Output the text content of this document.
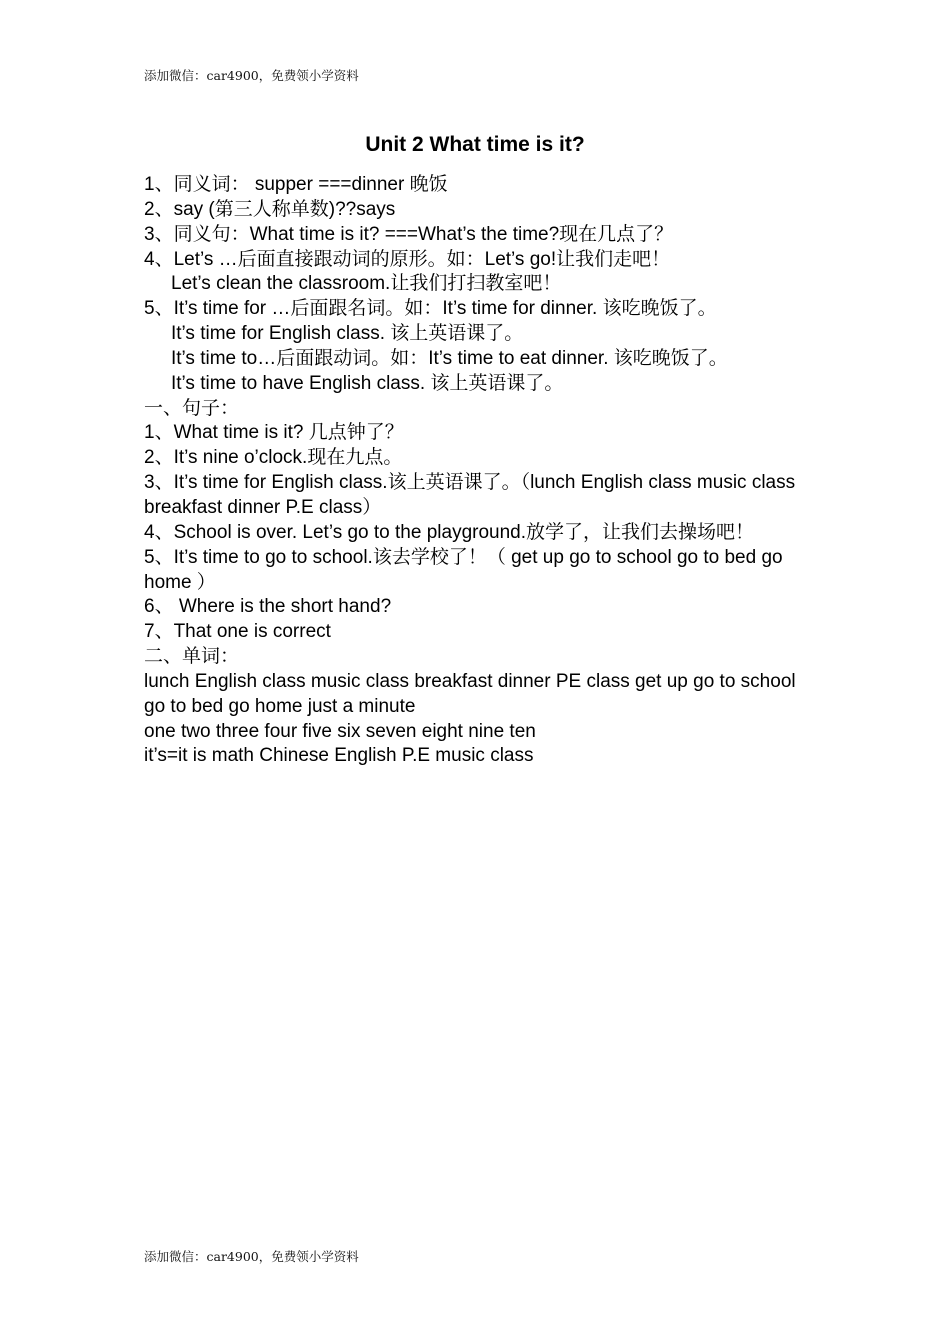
添加微信：car4900，免费领小学资料
Unit 2 What time is it?
1、同义词： supper ===dinner 晚饭
2、say (第三人称单数)??says
3、同义句：What time is it? ===What’s the time?现在几点了？
4、Let’s …后面直接跟动词的原形。如：Let’s go!让我们走吧！
Let’s clean the classroom.让我们打扫教室吧！
5、It’s time for …后面跟名词。如：It’s time for dinner. 该吃晚饭了。
It’s time for English class. 该上英语课了。
It’s time to…后面跟动词。如：It’s time to eat dinner. 该吃晚饭了。
It’s time to have English class. 该上英语课了。
一、句子：
1、What time is it? 几点钟了？
2、It’s nine o’clock.现在九点。
3、It’s time for English class.该上英语课了。（lunch English class music class breakfast dinner P.E class）
4、School is over. Let’s go to the playground.放学了，让我们去操场吧！
5、It’s time to go to school.该去学校了！（ get up go to school go to bed go home ）
6、 Where is the short hand?
7、That one is correct
二、单词：
lunch English class music class breakfast dinner PE class get up go to school go to bed go home just a minute
one two three four five six seven eight nine ten
it’s=it is math Chinese English P.E music class
添加微信：car4900，免费领小学资料
